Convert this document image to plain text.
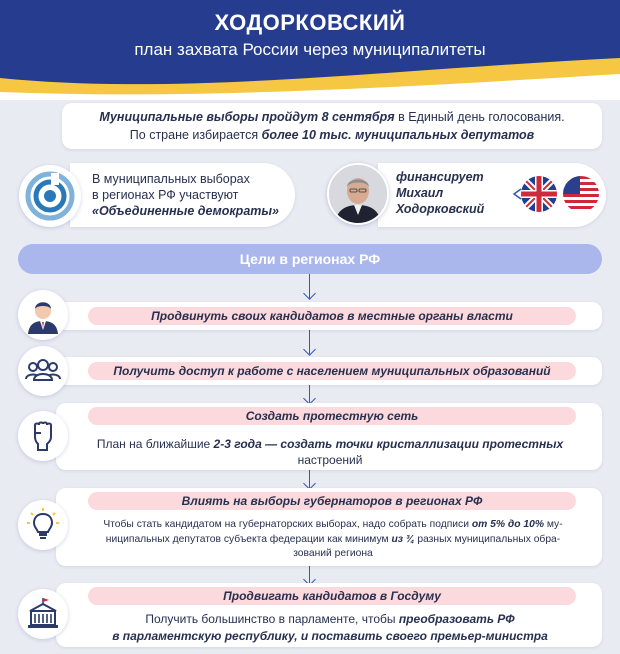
ХОДОРКОВСКИЙ
план захвата России через муниципалитеты
Муниципальные выборы пройдут 8 сентября в Единый день голосования.
По стране избирается более 10 тыс. муниципальных депутатов
В муниципальных выборах
в регионах РФ участвуют
«Объединенные демократы»
финансирует
Михаил
Ходорковский
Цели в регионах РФ
Продвинуть своих кандидатов в местные органы власти
Получить доступ к работе с населением муниципальных образований
Создать протестную сеть
План на ближайшие 2-3 года — создать точки кристаллизации протестных
настроений
Влиять на выборы губернаторов в регионах РФ
Чтобы стать кандидатом на губернаторских выборах, надо собрать подписи от 5% до 10% му-
ниципальных депутатов субъекта федерации как минимум из ¾ разных муниципальных обра-
зований региона
Продвигать кандидатов в Госдуму
Получить большинство в парламенте, чтобы преобразовать РФ
в парламентскую республику, и поставить своего премьер-министра
